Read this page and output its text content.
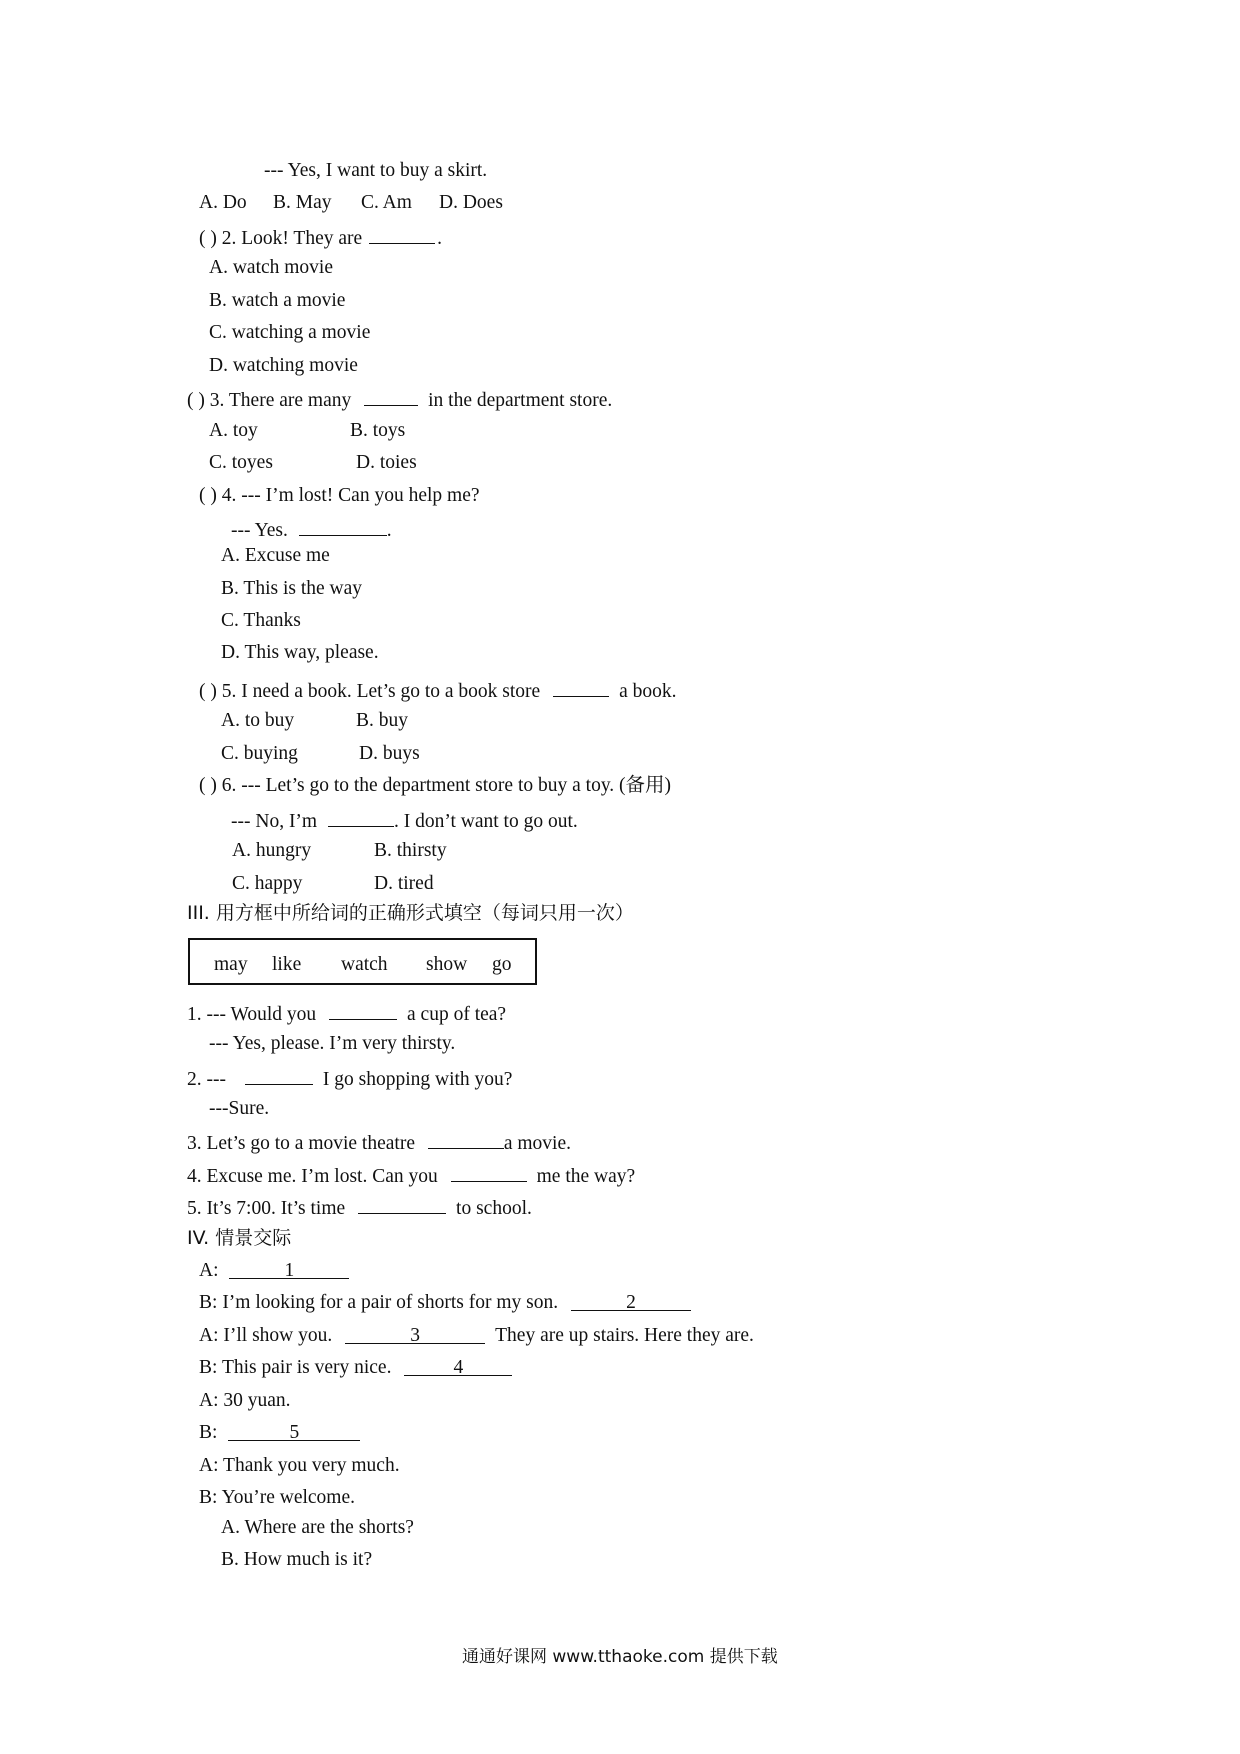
--- Yes, I want to buy a skirt.
A. Do B. May C. Am D. Does
( ) 2. Look! They are	.
A. watch movie
B. watch a movie
C. watching a movie
D. watching movie
( ) 3. There are many	in the department store.
A. toy	B. toys
C. toyes	D. toies
( ) 4. --- I’m lost! Can you help me?
--- Yes.	.
A. Excuse me
B. This is the way
C. Thanks
D. This way, please.
( ) 5. I need a book. Let’s go to a book store	a book.
A. to buy	B. buy
C. buying	D. buys
( ) 6. --- Let’s go to the department store to buy a toy. (备用)
--- No, I’m	. I don’t want to go out.
A. hungry	B. thirsty
C. happy	D. tired
III. 用方框中所给词的正确形式填空（每词只用一次）
may like watch show go
1. --- Would you	a cup of tea?
--- Yes, please. I’m very thirsty.
2. ---	I go shopping with you?
---Sure.
3. Let’s go to a movie theatre	a movie.
4. Excuse me. I’m lost. Can you	me the way?
5. It’s 7:00. It’s time	to school.
IV. 情景交际
A:	1
B: I’m looking for a pair of shorts for my son.	2
A: I’ll show you.	3	They are up stairs. Here they are.
B: This pair is very nice.	4
A: 30 yuan.
B:	5
A: Thank you very much.
B: You’re welcome.
A. Where are the shorts?
B. How much is it?
通通好课网 www.tthaoke.com 提供下载
